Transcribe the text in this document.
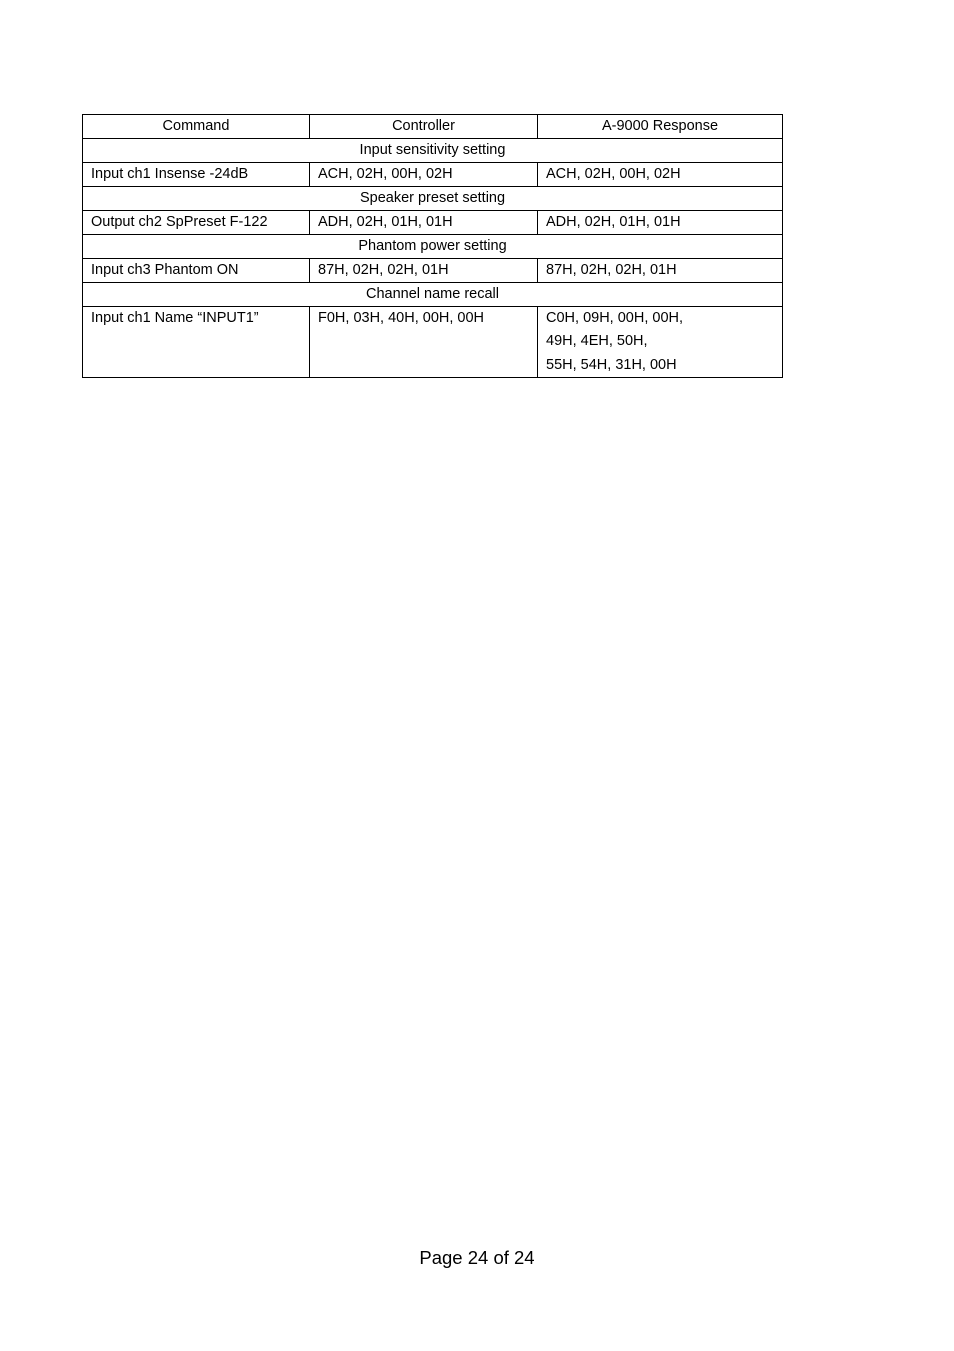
Command	Controller	A-9000 Response
Input sensitivity setting		
Input ch1 Insense -24dB	ACH, 02H, 00H, 02H	ACH, 02H, 00H, 02H
Speaker preset setting		
Output ch2 SpPreset F-122	ADH, 02H, 01H, 01H	ADH, 02H, 01H, 01H
Phantom power setting		
Input ch3 Phantom ON	87H, 02H, 02H, 01H	87H, 02H, 02H, 01H
Channel name recall		
Input ch1 Name “INPUT1”	F0H, 03H, 40H, 00H, 00H	C0H, 09H, 00H, 00H,
49H, 4EH, 50H,
55H, 54H, 31H, 00H
Page 24 of 24
